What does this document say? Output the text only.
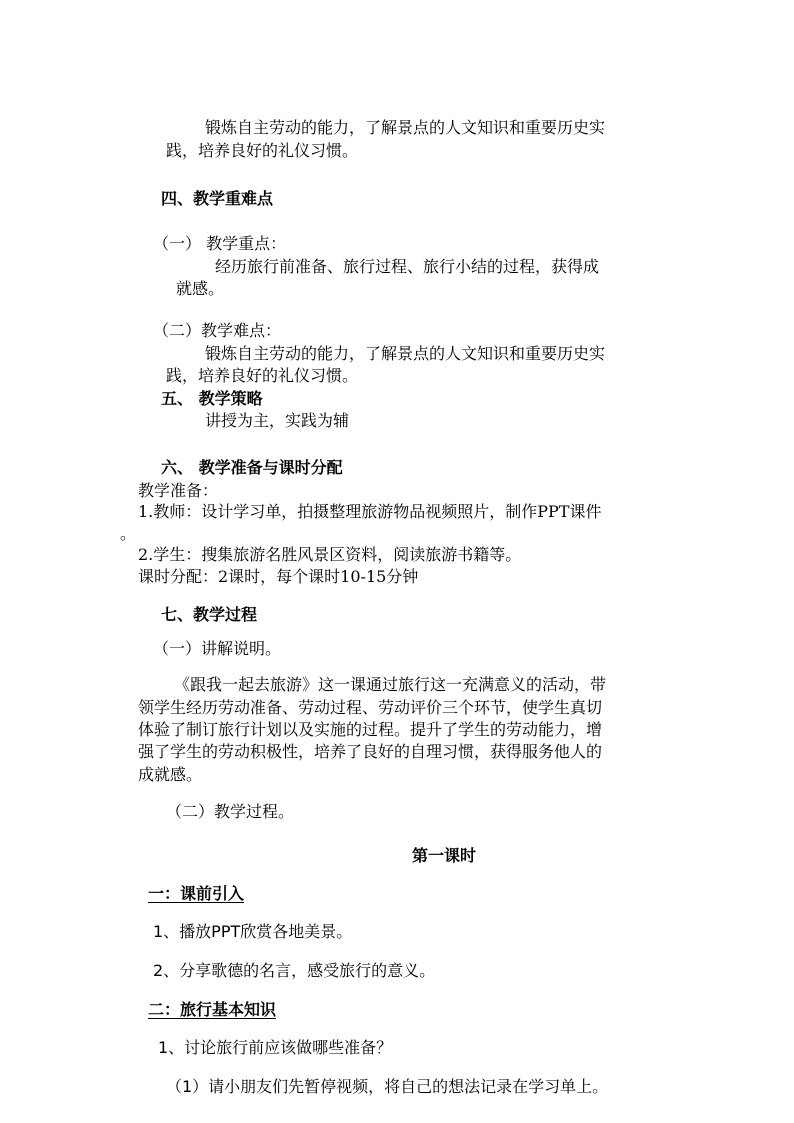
锻炼自主劳动的能力，了解景点的人文知识和重要历史实
践，培养良好的礼仪习惯。
四、教学重难点
（一） 教学重点：
经历旅行前准备、旅行过程、旅行小结的过程，获得成
就感。
（二）教学难点：
锻炼自主劳动的能力，了解景点的人文知识和重要历史实
践，培养良好的礼仪习惯。
五、 教学策略
讲授为主，实践为辅
六、 教学准备与课时分配
教学准备：
1.教师：设计学习单，拍摄整理旅游物品视频照片，制作PPT课件
。
2.学生：搜集旅游名胜风景区资料，阅读旅游书籍等。
课时分配：2课时，每个课时10-15分钟
七、教学过程
（一）讲解说明。
《跟我一起去旅游》这一课通过旅行这一充满意义的活动，带
领学生经历劳动准备、劳动过程、劳动评价三个环节，使学生真切
体验了制订旅行计划以及实施的过程。提升了学生的劳动能力，增
强了学生的劳动积极性，培养了良好的自理习惯，获得服务他人的
成就感。
（二）教学过程。
第一课时
一：课前引入
1、播放PPT欣赏各地美景。
2、分享歌德的名言，感受旅行的意义。
二：旅行基本知识
1、讨论旅行前应该做哪些准备？
（1）请小朋友们先暂停视频，将自己的想法记录在学习单上。
